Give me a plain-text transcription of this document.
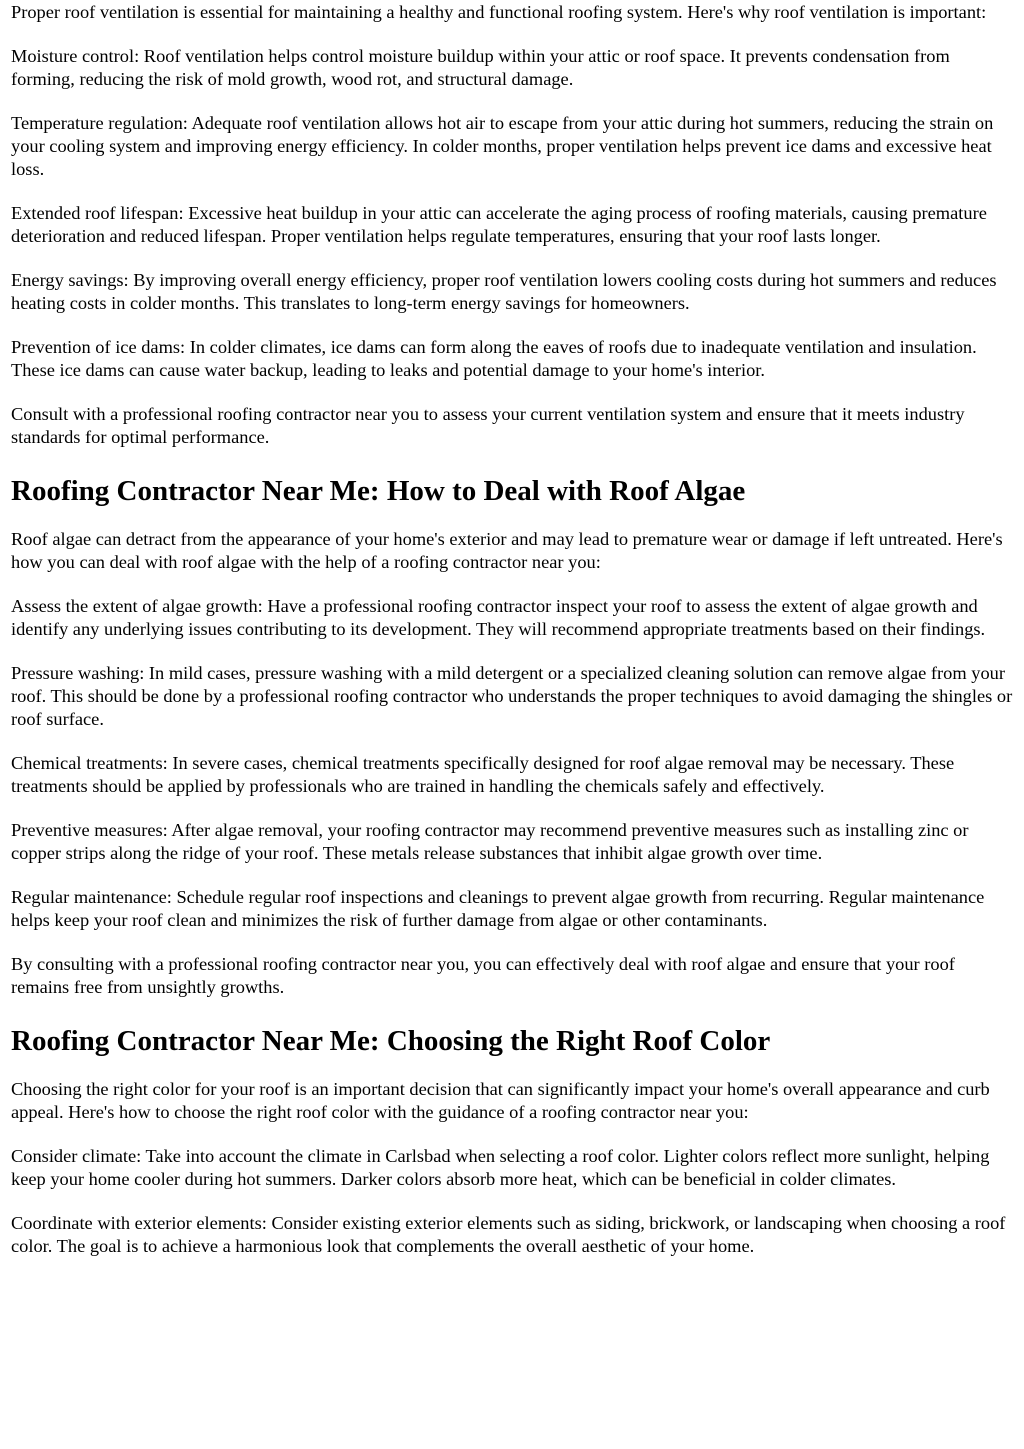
Proper roof ventilation is essential for maintaining a healthy and functional roofing system. Here's why roof ventilation is important:

Moisture control: Roof ventilation helps control moisture buildup within your attic or roof space. It prevents condensation from forming, reducing the risk of mold growth, wood rot, and structural damage.

Temperature regulation: Adequate roof ventilation allows hot air to escape from your attic during hot summers, reducing the strain on your cooling system and improving energy efficiency. In colder months, proper ventilation helps prevent ice dams and excessive heat loss.

Extended roof lifespan: Excessive heat buildup in your attic can accelerate the aging process of roofing materials, causing premature deterioration and reduced lifespan. Proper ventilation helps regulate temperatures, ensuring that your roof lasts longer.

Energy savings: By improving overall energy efficiency, proper roof ventilation lowers cooling costs during hot summers and reduces heating costs in colder months. This translates to long-term energy savings for homeowners.

Prevention of ice dams: In colder climates, ice dams can form along the eaves of roofs due to inadequate ventilation and insulation. These ice dams can cause water backup, leading to leaks and potential damage to your home's interior.

Consult with a professional roofing contractor near you to assess your current ventilation system and ensure that it meets industry standards for optimal performance.

Roofing Contractor Near Me: How to Deal with Roof Algae

Roof algae can detract from the appearance of your home's exterior and may lead to premature wear or damage if left untreated. Here's how you can deal with roof algae with the help of a roofing contractor near you:

Assess the extent of algae growth: Have a professional roofing contractor inspect your roof to assess the extent of algae growth and identify any underlying issues contributing to its development. They will recommend appropriate treatments based on their findings.

Pressure washing: In mild cases, pressure washing with a mild detergent or a specialized cleaning solution can remove algae from your roof. This should be done by a professional roofing contractor who understands the proper techniques to avoid damaging the shingles or roof surface.

Chemical treatments: In severe cases, chemical treatments specifically designed for roof algae removal may be necessary. These treatments should be applied by professionals who are trained in handling the chemicals safely and effectively.

Preventive measures: After algae removal, your roofing contractor may recommend preventive measures such as installing zinc or copper strips along the ridge of your roof. These metals release substances that inhibit algae growth over time.

Regular maintenance: Schedule regular roof inspections and cleanings to prevent algae growth from recurring. Regular maintenance helps keep your roof clean and minimizes the risk of further damage from algae or other contaminants.

By consulting with a professional roofing contractor near you, you can effectively deal with roof algae and ensure that your roof remains free from unsightly growths.

Roofing Contractor Near Me: Choosing the Right Roof Color

Choosing the right color for your roof is an important decision that can significantly impact your home's overall appearance and curb appeal. Here's how to choose the right roof color with the guidance of a roofing contractor near you:

Consider climate: Take into account the climate in Carlsbad when selecting a roof color. Lighter colors reflect more sunlight, helping keep your home cooler during hot summers. Darker colors absorb more heat, which can be beneficial in colder climates.

Coordinate with exterior elements: Consider existing exterior elements such as siding, brickwork, or landscaping when choosing a roof color. The goal is to achieve a harmonious look that complements the overall aesthetic of your home.
